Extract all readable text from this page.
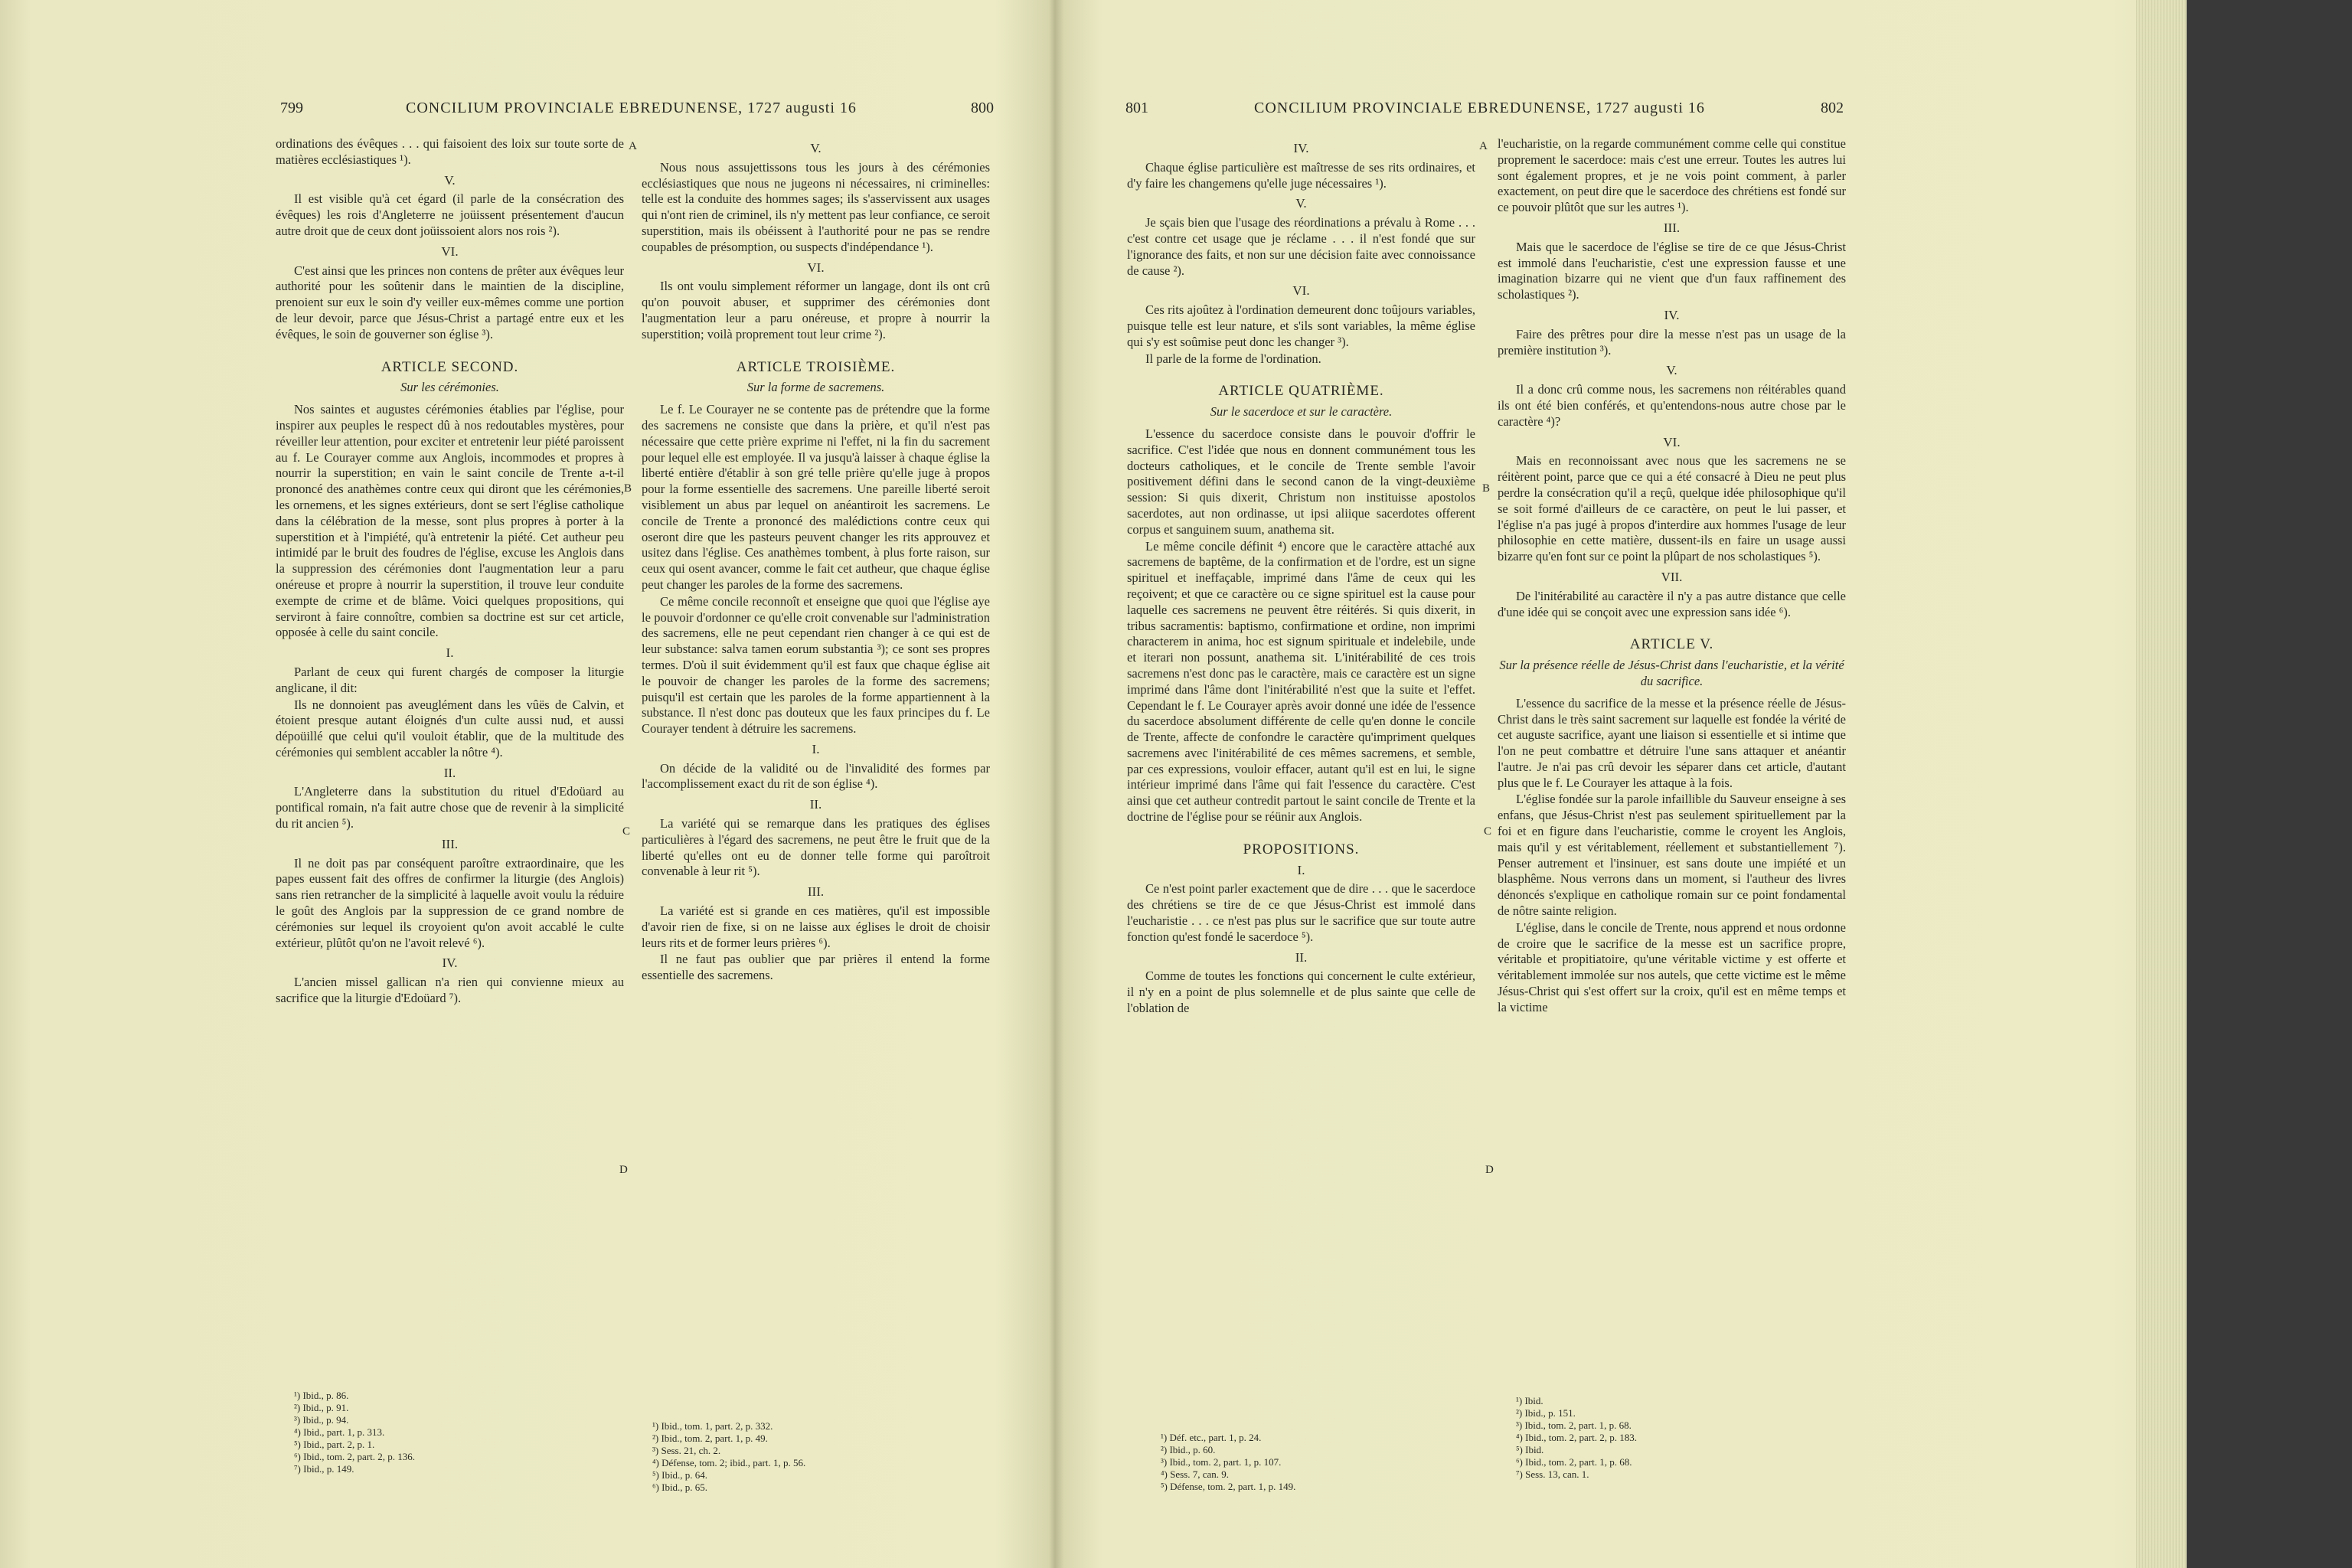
799	CONCILIUM PROVINCIALE EBREDUNENSE, 1727 augusti 16	800

ordinations des évêques . . . qui faisoient des loix sur toute sorte de matières ecclésiastiques ¹).

V.

Il est visible qu'à cet égard (il parle de la consécration des évêques) les rois d'Angleterre ne joüissent présentement d'aucun autre droit que de ceux dont joüissoient alors nos rois ²).

VI.

C'est ainsi que les princes non contens de prêter aux évêques leur authorité pour les soûtenir dans le maintien de la discipline, prenoient sur eux le soin d'y veiller eux-mêmes comme une portion de leur devoir, parce que Jésus-Christ a partagé entre eux et les évêques, le soin de gouverner son église ³).

ARTICLE SECOND.
Sur les cérémonies.

Nos saintes et augustes cérémonies établies par l'église, pour inspirer aux peuples le respect dû à nos redoutables mystères, pour réveiller leur attention, pour exciter et entretenir leur piété paroissent au f. Le Courayer comme aux Anglois, incommodes et propres à nourrir la superstition; en vain le saint concile de Trente a-t-il prononcé des anathèmes contre ceux qui diront que les cérémonies, les ornemens, et les signes extérieurs, dont se sert l'église catholique dans la célébration de la messe, sont plus propres à porter à la superstition et à l'impiété, qu'à entretenir la piété. Cet autheur peu intimidé par le bruit des foudres de l'église, excuse les Anglois dans la suppression des cérémonies dont l'augmentation leur a paru onéreuse et propre à nourrir la superstition, il trouve leur conduite exempte de crime et de blâme. Voici quelques propositions, qui serviront à faire connoître, combien sa doctrine est sur cet article, opposée à celle du saint concile.

I.

Parlant de ceux qui furent chargés de composer la liturgie anglicane, il dit:

Ils ne donnoient pas aveuglément dans les vûës de Calvin, et étoient presque autant éloignés d'un culte aussi nud, et aussi dépoüillé que celui qu'il vouloit établir, que de la multitude des cérémonies qui semblent accabler la nôtre ⁴).

II.

L'Angleterre dans la substitution du rituel d'Edoüard au pontifical romain, n'a fait autre chose que de revenir à la simplicité du rit ancien ⁵).

III.

Il ne doit pas par conséquent paroître extraordinaire, que les papes eussent fait des offres de confirmer la liturgie (des Anglois) sans rien retrancher de la simplicité à laquelle avoit voulu la réduire le goût des Anglois par la suppression de ce grand nombre de cérémonies sur lequel ils croyoient qu'on avoit accablé le culte extérieur, plûtôt qu'on ne l'avoit relevé ⁶).

IV.

L'ancien missel gallican n'a rien qui convienne mieux au sacrifice que la liturgie d'Edoüard ⁷).

V.

Nous nous assujettissons tous les jours à des cérémonies ecclésiastiques que nous ne jugeons ni nécessaires, ni criminelles: telle est la conduite des hommes sages; ils s'asservissent aux usages qui n'ont rien de criminel, ils n'y mettent pas leur confiance, ce seroit superstition, mais ils obéissent à l'authorité pour ne pas se rendre coupables de présomption, ou suspects d'indépendance ¹).

VI.

Ils ont voulu simplement réformer un langage, dont ils ont crû qu'on pouvoit abuser, et supprimer des cérémonies dont l'augmentation leur a paru onéreuse, et propre à nourrir la superstition; voilà proprement tout leur crime ²).

ARTICLE TROISIÈME.
Sur la forme de sacremens.

Le f. Le Courayer ne se contente pas de prétendre que la forme des sacremens ne consiste que dans la prière, et qu'il n'est pas nécessaire que cette prière exprime ni l'effet, ni la fin du sacrement pour lequel elle est employée. Il va jusqu'à laisser à chaque église la liberté entière d'établir à son gré telle prière qu'elle juge à propos pour la forme essentielle des sacremens. Une pareille liberté seroit visiblement un abus par lequel on anéantiroit les sacremens. Le concile de Trente a prononcé des malédictions contre ceux qui oseront dire que les pasteurs peuvent changer les rits approuvez et usitez dans l'église. Ces anathèmes tombent, à plus forte raison, sur ceux qui osent avancer, comme le fait cet autheur, que chaque église peut changer les paroles de la forme des sacremens.

Ce même concile reconnoît et enseigne que quoi que l'église aye le pouvoir d'ordonner ce qu'elle croit convenable sur l'administration des sacremens, elle ne peut cependant rien changer à ce qui est de leur substance: salva tamen eorum substantia ³); ce sont ses propres termes. D'où il suit évidemment qu'il est faux que chaque église ait le pouvoir de changer les paroles de la forme des sacremens; puisqu'il est certain que les paroles de la forme appartiennent à la substance. Il n'est donc pas douteux que les faux principes du f. Le Courayer tendent à détruire les sacremens.

I.

On décide de la validité ou de l'invalidité des formes par l'accomplissement exact du rit de son église ⁴).

II.

La variété qui se remarque dans les pratiques des églises particulières à l'égard des sacremens, ne peut être le fruit que de la liberté qu'elles ont eu de donner telle forme qui paroîtroit convenable à leur rit ⁵).

III.

La variété est si grande en ces matières, qu'il est impossible d'avoir rien de fixe, si on ne laisse aux églises le droit de choisir leurs rits et de former leurs prières ⁶).

Il ne faut pas oublier que par prières il entend la forme essentielle des sacremens.

¹) Ibid., p. 86.
²) Ibid., p. 91.
³) Ibid., p. 94.
⁴) Ibid., part. 1, p. 313.
⁵) Ibid., part. 2, p. 1.
⁶) Ibid., tom. 2, part. 2, p. 136.
⁷) Ibid., p. 149.
¹) Ibid., tom. 1, part. 2, p. 332.
²) Ibid., tom. 2, part. 1, p. 49.
³) Sess. 21, ch. 2.
⁴) Défense, tom. 2; ibid., part. 1, p. 56.
⁵) Ibid., p. 64.
⁶) Ibid., p. 65.
A
B
C
D
801	CONCILIUM PROVINCIALE EBREDUNENSE, 1727 augusti 16	802
IV.

Chaque église particulière est maîtresse de ses rits ordinaires, et d'y faire les changemens qu'elle juge nécessaires ¹).

V.

Je sçais bien que l'usage des réordinations a prévalu à Rome . . . c'est contre cet usage que je réclame . . . il n'est fondé que sur l'ignorance des faits, et non sur une décision faite avec connoissance de cause ²).

VI.

Ces rits ajoûtez à l'ordination demeurent donc toûjours variables, puisque telle est leur nature, et s'ils sont variables, la même église qui s'y est soûmise peut donc les changer ³).

Il parle de la forme de l'ordination.

ARTICLE QUATRIÈME.
Sur le sacerdoce et sur le caractère.

L'essence du sacerdoce consiste dans le pouvoir d'offrir le sacrifice. C'est l'idée que nous en donnent communément tous les docteurs catholiques, et le concile de Trente semble l'avoir positivement défini dans le second canon de la vingt-deuxième session: Si quis dixerit, Christum non instituisse apostolos sacerdotes, aut non ordinasse, ut ipsi aliique sacerdotes offerent corpus et sanguinem suum, anathema sit.

Le même concile définit ⁴) encore que le caractère attaché aux sacremens de baptême, de la confirmation et de l'ordre, est un signe spirituel et ineffaçable, imprimé dans l'âme de ceux qui les reçoivent; et que ce caractère ou ce signe spirituel est la cause pour laquelle ces sacremens ne peuvent être réitérés. Si quis dixerit, in tribus sacramentis: baptismo, confirmatione et ordine, non imprimi characterem in anima, hoc est signum spirituale et indelebile, unde et iterari non possunt, anathema sit. L'initérabilité de ces trois sacremens n'est donc pas le caractère, mais ce caractère est un signe imprimé dans l'âme dont l'initérabilité n'est que la suite et l'effet. Cependant le f. Le Courayer après avoir donné une idée de l'essence du sacerdoce absolument différente de celle qu'en donne le concile de Trente, affecte de confondre le caractère qu'impriment quelques sacremens avec l'initérabilité de ces mêmes sacremens, et semble, par ces expressions, vouloir effacer, autant qu'il est en lui, le signe intérieur imprimé dans l'âme qui fait l'essence du caractère. C'est ainsi que cet autheur contredit partout le saint concile de Trente et la doctrine de l'église pour se réünir aux Anglois.

PROPOSITIONS.
I.

Ce n'est point parler exactement que de dire . . . que le sacerdoce des chrétiens se tire de ce que Jésus-Christ est immolé dans l'eucharistie . . . ce n'est pas plus sur le sacrifice que sur toute autre fonction qu'est fondé le sacerdoce ⁵).

II.

Comme de toutes les fonctions qui concernent le culte extérieur, il n'y en a point de plus solemnelle et de plus sainte que celle de l'oblation de

l'eucharistie, on la regarde communément comme celle qui constitue proprement le sacerdoce: mais c'est une erreur. Toutes les autres lui sont également propres, et je ne vois point comment, à parler exactement, on peut dire que le sacerdoce des chrétiens est fondé sur ce pouvoir plûtôt que sur les autres ¹).

III.

Mais que le sacerdoce de l'église se tire de ce que Jésus-Christ est immolé dans l'eucharistie, c'est une expression fausse et une imagination bizarre qui ne vient que d'un faux raffinement des scholastiques ²).

IV.

Faire des prêtres pour dire la messe n'est pas un usage de la première institution ³).

V.

Il a donc crû comme nous, les sacremens non réitérables quand ils ont été bien conférés, et qu'entendons-nous autre chose par le caractère ⁴)?

VI.

Mais en reconnoissant avec nous que les sacremens ne se réitèrent point, parce que ce qui a été consacré à Dieu ne peut plus perdre la consécration qu'il a reçû, quelque idée philosophique qu'il se soit formé d'ailleurs de ce caractère, on peut le lui passer, et l'église n'a pas jugé à propos d'interdire aux hommes l'usage de leur philosophie en cette matière, dussent-ils en faire un usage aussi bizarre qu'en font sur ce point la plûpart de nos scholastiques ⁵).

VII.

De l'initérabilité au caractère il n'y a pas autre distance que celle d'une idée qui se conçoit avec une expression sans idée ⁶).

ARTICLE V.
Sur la présence réelle de Jésus-Christ dans l'eucharistie, et la vérité du sacrifice.

L'essence du sacrifice de la messe et la présence réelle de Jésus-Christ dans le très saint sacrement sur laquelle est fondée la vérité de cet auguste sacrifice, ayant une liaison si essentielle et si intime que l'on ne peut combattre et détruire l'une sans attaquer et anéantir l'autre. Je n'ai pas crû devoir les séparer dans cet article, d'autant plus que le f. Le Courayer les attaque à la fois.

L'église fondée sur la parole infaillible du Sauveur enseigne à ses enfans, que Jésus-Christ n'est pas seulement spirituellement par la foi et en figure dans l'eucharistie, comme le croyent les Anglois, mais qu'il y est véritablement, réellement et substantiellement ⁷). Penser autrement et l'insinuer, est sans doute une impiété et un blasphême. Nous verrons dans un moment, si l'autheur des livres dénoncés s'explique en catholique romain sur ce point fondamental de nôtre sainte religion.

L'église, dans le concile de Trente, nous apprend et nous ordonne de croire que le sacrifice de la messe est un sacrifice propre, véritable et propitiatoire, qu'une véritable victime y est offerte et véritablement immolée sur nos autels, que cette victime est le même Jésus-Christ qui s'est offert sur la croix, qu'il est en même temps et la victime

¹) Déf. etc., part. 1, p. 24.
²) Ibid., p. 60.
³) Ibid., tom. 2, part. 1, p. 107.
⁴) Sess. 7, can. 9.
⁵) Défense, tom. 2, part. 1, p. 149.
¹) Ibid.
²) Ibid., p. 151.
³) Ibid., tom. 2, part. 1, p. 68.
⁴) Ibid., tom. 2, part. 2, p. 183.
⁵) Ibid.
⁶) Ibid., tom. 2, part. 1, p. 68.
⁷) Sess. 13, can. 1.
A
B
C
D
